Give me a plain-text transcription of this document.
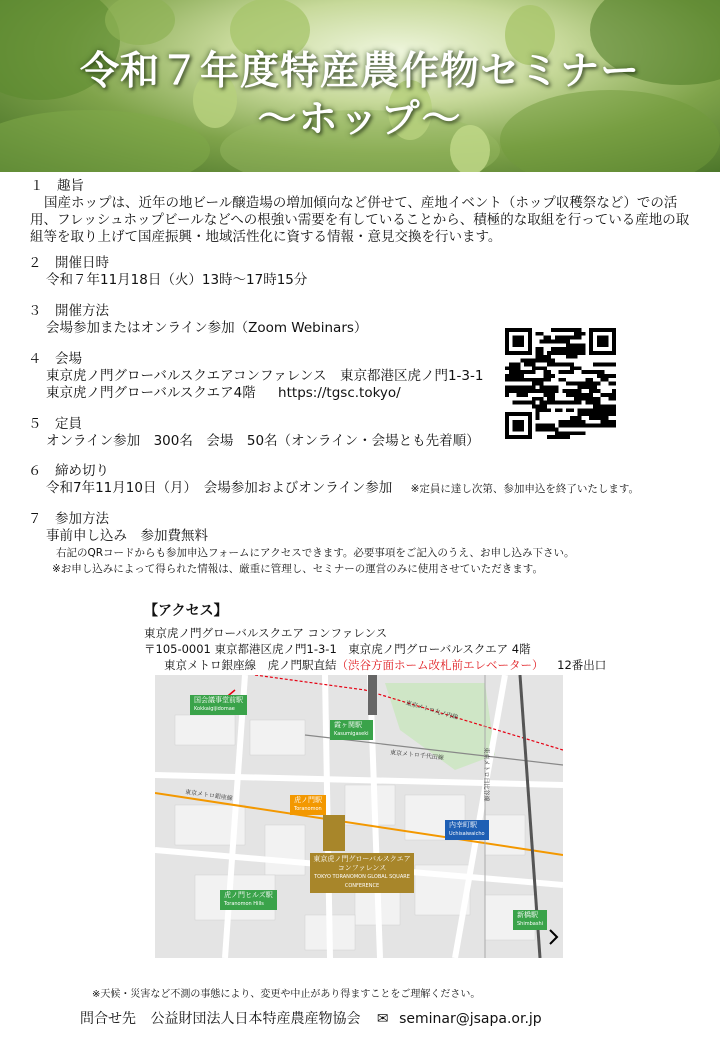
令和７年度特産農作物セミナー
～ホップ～
１　趣旨
国産ホップは、近年の地ビール醸造場の増加傾向など併せて、産地イベント（ホップ収穫祭など）での活用、フレッシュホップビールなどへの根強い需要を有していることから、積極的な取組を行っている産地の取組等を取り上げて国産振興・地域活性化に資する情報・意見交換を行います。
２　開催日時
令和７年11月18日（火）13時～17時15分
３　開催方法
会場参加またはオンライン参加（Zoom Webinars）
４　会場
東京虎ノ門グローバルスクエアコンファレンス　東京都港区虎ノ門1-3-1
東京虎ノ門グローバルスクエア4階 https://tgsc.tokyo/
５　定員
オンライン参加　300名　会場　50名（オンライン・会場とも先着順）
６　締め切り
令和7年11月10日（月）　会場参加およびオンライン参加 ※定員に達し次第、参加申込を終了いたします。
７　参加方法
事前申し込み　参加費無料
右記のQRコードからも参加申込フォームにアクセスできます。必要事項をご記入のうえ、お申し込み下さい。
※お申し込みによって得られた情報は、厳重に管理し、セミナーの運営のみに使用させていただきます。
【アクセス】
東京虎ノ門グローバルスクエア コンファレンス
〒105-0001 東京都港区虎ノ門1-3-1　東京虎ノ門グローバルスクエア 4階
東京メトロ銀座線　虎ノ門駅直結（渋谷方面ホーム改札前エレベーター） 12番出口
国会議事堂前駅
Kokkaigijidomae
霞ヶ関駅
Kasumigaseki
虎ノ門駅
Toranomon
内幸町駅
Uchisaiwaicho
虎ノ門ヒルズ駅
Toranomon Hills
新橋駅
Shimbashi
東京虎ノ門グローバルスクエア コンファレンス
TOKYO TORANOMON GLOBAL SQUARE CONFERENCE
東京メトロ丸ノ内線
東京メトロ千代田線	東京メトロ日比谷線
東京メトロ銀座線
※天候・災害など不測の事態により、変更や中止があり得ますことをご理解ください。
問合せ先 公益財団法人日本特産農産物協会 ✉ seminar@jsapa.or.jp
